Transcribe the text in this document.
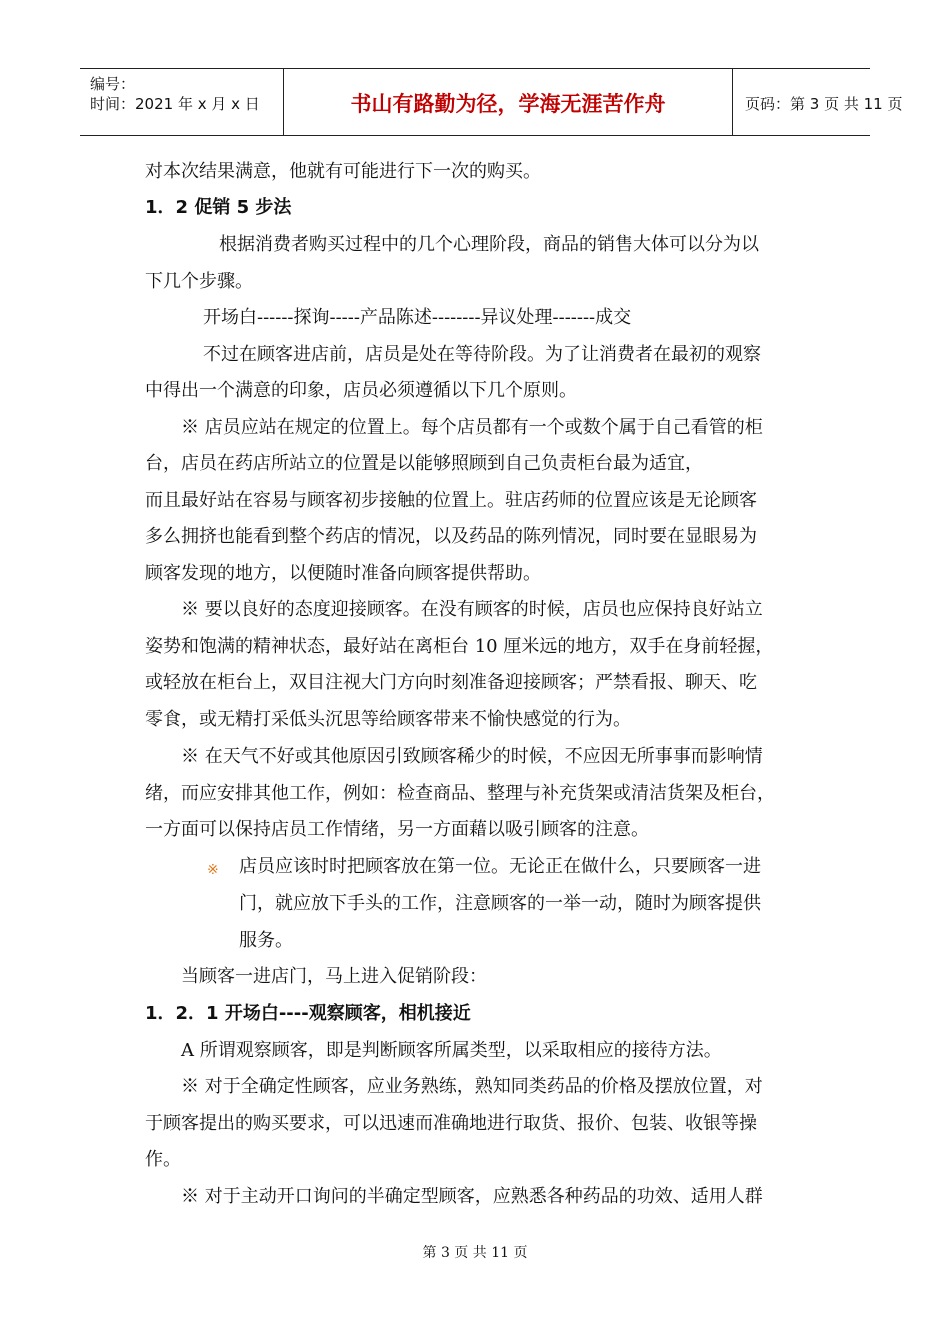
编号：
时间：2021 年 x 月 x 日	书山有路勤为径，学海无涯苦作舟	页码：第 3 页 共 11 页
对本次结果满意，他就有可能进行下一次的购买。
1．2 促销 5 步法
根据消费者购买过程中的几个心理阶段，商品的销售大体可以分为以
下几个步骤。
开场白------探询-----产品陈述--------异议处理-------成交
不过在顾客进店前，店员是处在等待阶段。为了让消费者在最初的观察
中得出一个满意的印象，店员必须遵循以下几个原则。
※ 店员应站在规定的位置上。每个店员都有一个或数个属于自己看管的柜
台，店员在药店所站立的位置是以能够照顾到自己负责柜台最为适宜，
而且最好站在容易与顾客初步接触的位置上。驻店药师的位置应该是无论顾客
多么拥挤也能看到整个药店的情况，以及药品的陈列情况，同时要在显眼易为
顾客发现的地方，以便随时准备向顾客提供帮助。
※ 要以良好的态度迎接顾客。在没有顾客的时候，店员也应保持良好站立
姿势和饱满的精神状态，最好站在离柜台 10 厘米远的地方，双手在身前轻握，
或轻放在柜台上，双目注视大门方向时刻准备迎接顾客；严禁看报、聊天、吃
零食，或无精打采低头沉思等给顾客带来不愉快感觉的行为。
※ 在天气不好或其他原因引致顾客稀少的时候，不应因无所事事而影响情
绪，而应安排其他工作，例如：检查商品、整理与补充货架或清洁货架及柜台，
一方面可以保持店员工作情绪，另一方面藉以吸引顾客的注意。
※ 店员应该时时把顾客放在第一位。无论正在做什么，只要顾客一进
门，就应放下手头的工作，注意顾客的一举一动，随时为顾客提供
服务。
当顾客一进店门，马上进入促销阶段：
1．2．1 开场白----观察顾客，相机接近
A 所谓观察顾客，即是判断顾客所属类型，以采取相应的接待方法。
※ 对于全确定性顾客，应业务熟练，熟知同类药品的价格及摆放位置，对
于顾客提出的购买要求，可以迅速而准确地进行取货、报价、包装、收银等操
作。
※ 对于主动开口询问的半确定型顾客，应熟悉各种药品的功效、适用人群
第 3 页 共 11 页
